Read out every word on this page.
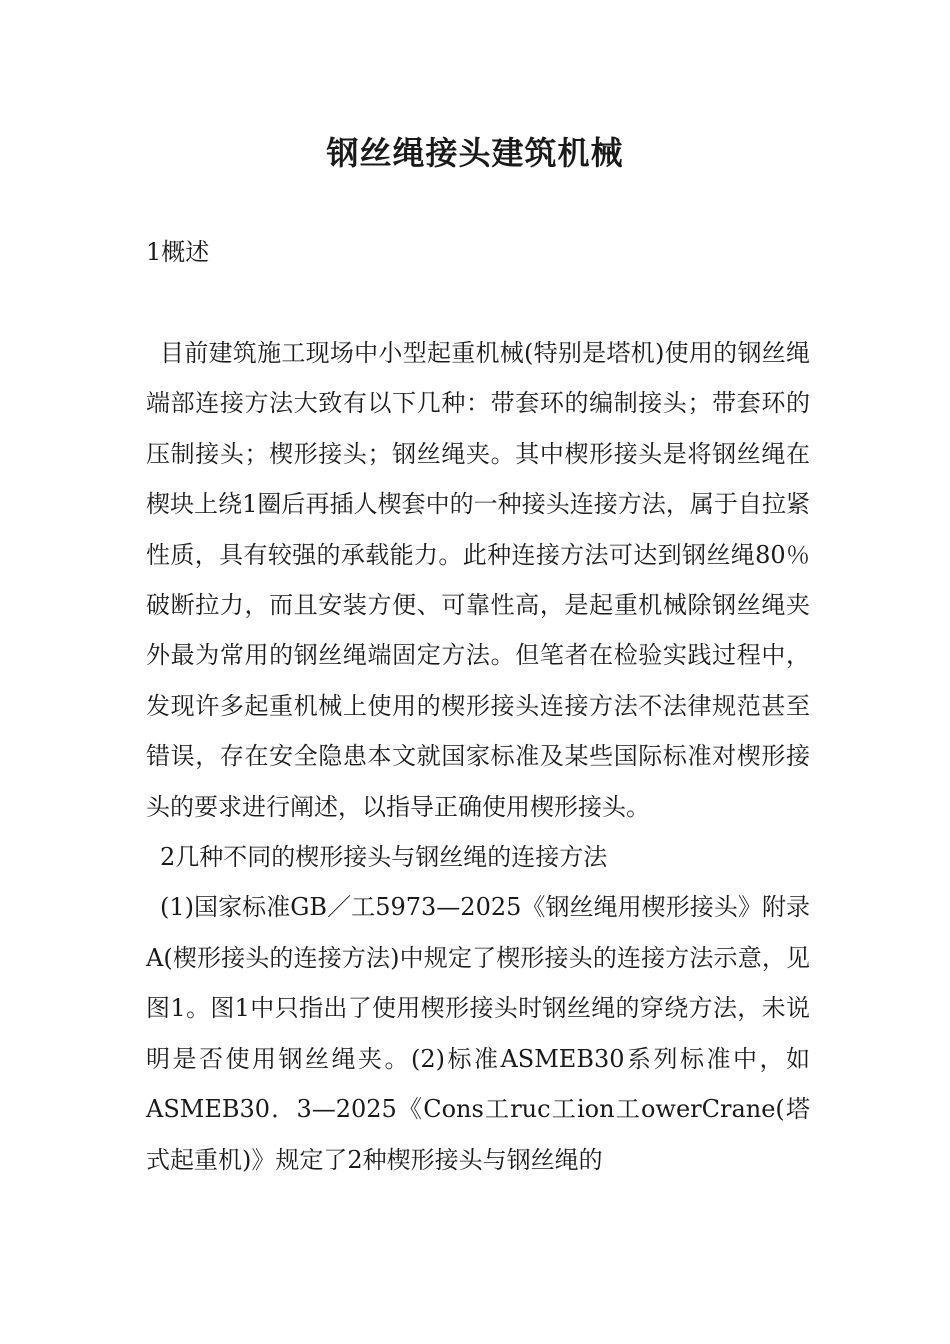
钢丝绳接头建筑机械
1概述

目前建筑施工现场中小型起重机械(特别是塔机)使用的钢丝绳端部连接方法大致有以下几种：带套环的编制接头；带套环的压制接头；楔形接头；钢丝绳夹。其中楔形接头是将钢丝绳在楔块上绕1圈后再插人楔套中的一种接头连接方法，属于自拉紧性质，具有较强的承载能力。此种连接方法可达到钢丝绳80％破断拉力，而且安装方便、可靠性高，是起重机械除钢丝绳夹外最为常用的钢丝绳端固定方法。但笔者在检验实践过程中，发现许多起重机械上使用的楔形接头连接方法不法律规范甚至错误，存在安全隐患本文就国家标准及某些国际标准对楔形接头的要求进行阐述，以指导正确使用楔形接头。

2几种不同的楔形接头与钢丝绳的连接方法

(1)国家标准GB／工5973—2025《钢丝绳用楔形接头》附录A(楔形接头的连接方法)中规定了楔形接头的连接方法示意，见图1。图1中只指出了使用楔形接头时钢丝绳的穿绕方法，未说明是否使用钢丝绳夹。(2)标准ASMEB30系列标准中，如ASMEB30．3—2025《Cons工ruc工ion工owerCrane(塔式起重机)》规定了2种楔形接头与钢丝绳的
